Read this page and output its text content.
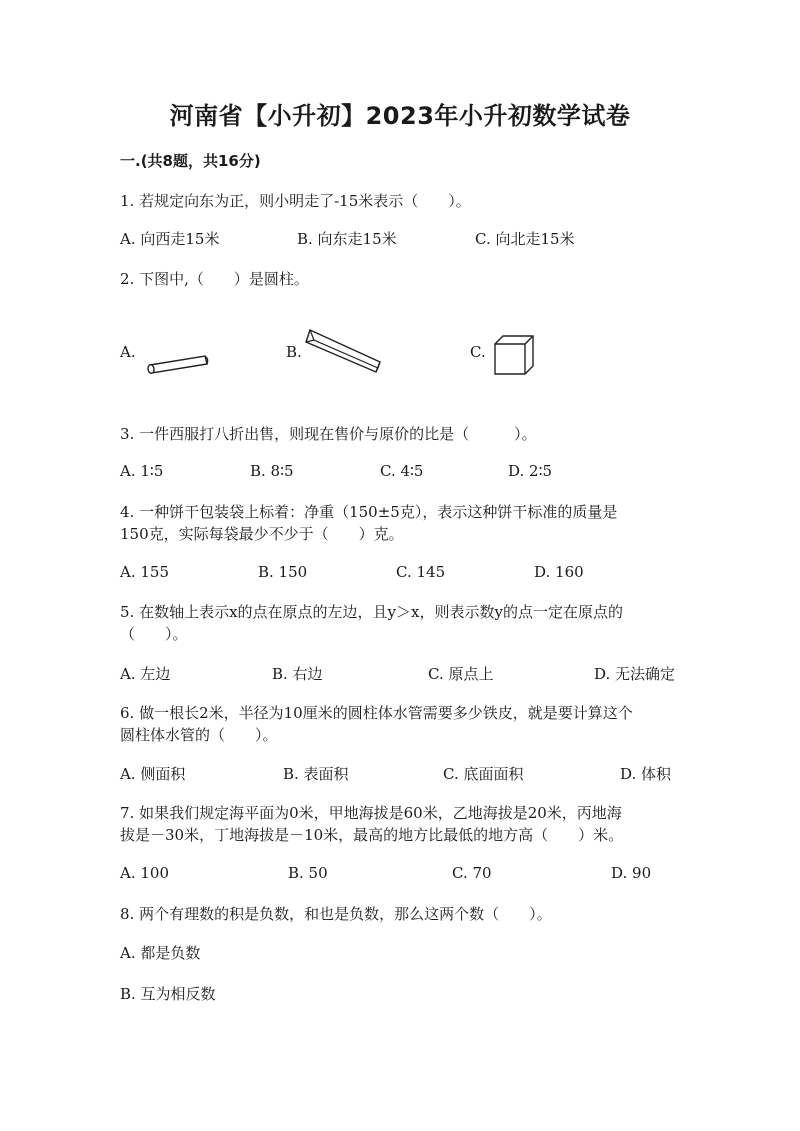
河南省【小升初】2023年小升初数学试卷
一.(共8题，共16分)
1. 若规定向东为正，则小明走了-15米表示（　　）。
A. 向西走15米	B. 向东走15米	C. 向北走15米
2. 下图中,（　　）是圆柱。
A.	B.	C.
3. 一件西服打八折出售，则现在售价与原价的比是（　　　）。
A. 1∶5	B. 8∶5	C. 4∶5	D. 2∶5
4. 一种饼干包装袋上标着：净重（150±5克），表示这种饼干标准的质量是
150克，实际每袋最少不少于（　　）克。
A. 155	B. 150	C. 145	D. 160
5. 在数轴上表示x的点在原点的左边，且y＞x，则表示数y的点一定在原点的
（　　）。
A. 左边	B. 右边	C. 原点上	D. 无法确定
6. 做一根长2米，半径为10厘米的圆柱体水管需要多少铁皮，就是要计算这个
圆柱体水管的（　　）。
A. 侧面积	B. 表面积	C. 底面面积	D. 体积
7. 如果我们规定海平面为0米，甲地海拔是60米，乙地海拔是20米，丙地海
拔是－30米，丁地海拔是－10米，最高的地方比最低的地方高（　　）米。
A. 100	B. 50	C. 70	D. 90
8. 两个有理数的积是负数，和也是负数，那么这两个数（　　）。
A. 都是负数
B. 互为相反数
